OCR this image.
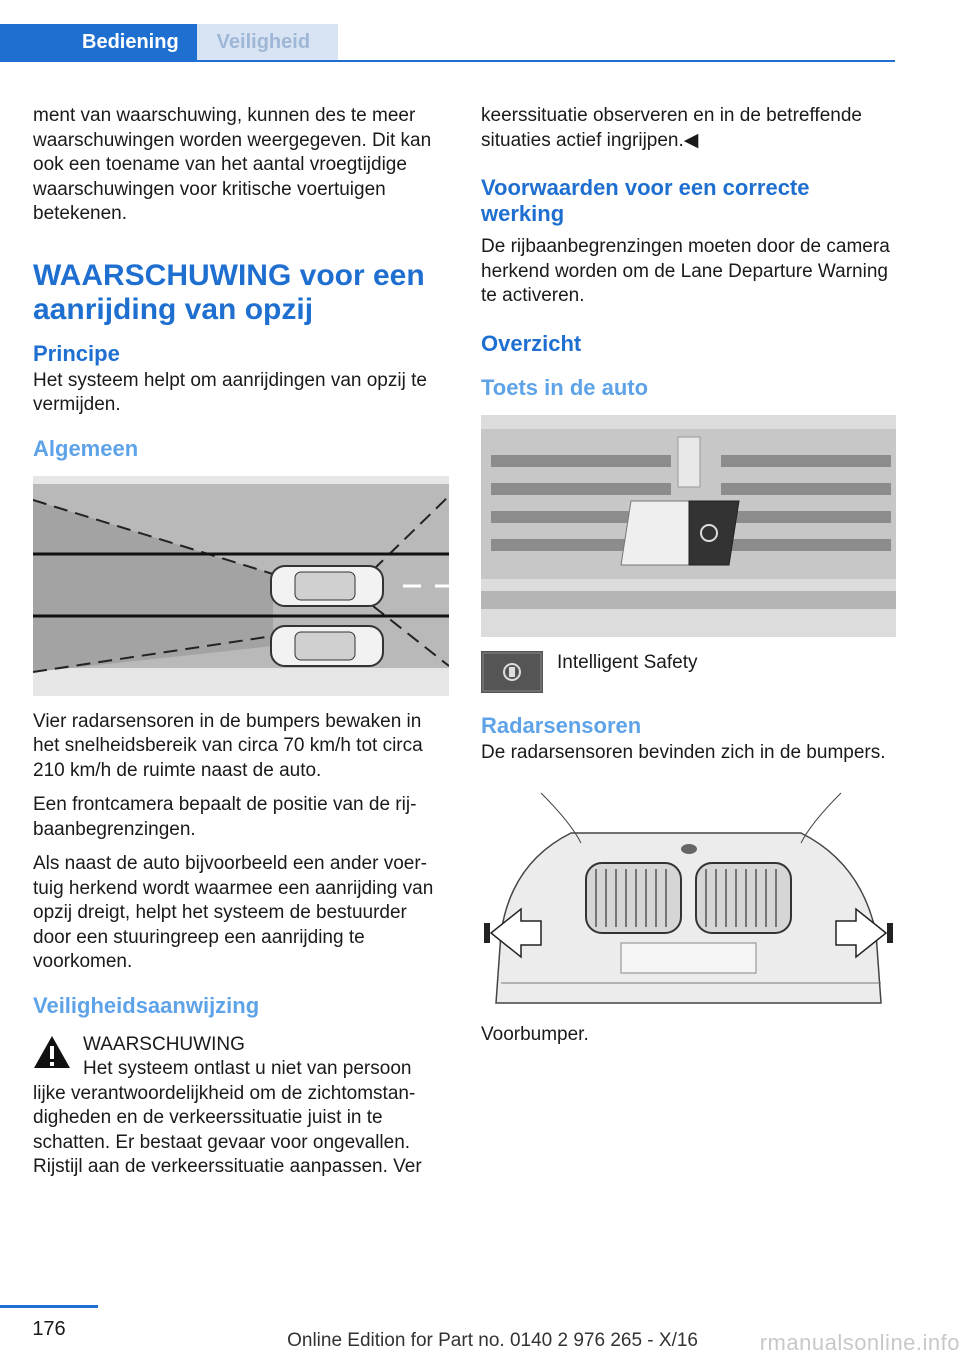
Bediening	Veiligheid

ment van waarschuwing, kunnen des te meer waarschuwingen worden weergegeven. Dit kan ook een toename van het aantal vroegtijdige waarschuwingen voor kritische voertuigen betekenen.

WAARSCHUWING voor een aanrijding van opzij
Principe

Het systeem helpt om aanrijdingen van opzij te vermijden.

Algemeen

Vier radarsensoren in de bumpers bewaken in het snelheidsbereik van circa 70 km/h tot circa 210 km/h de ruimte naast de auto.

Een frontcamera bepaalt de positie van de rijbaanbegrenzingen.

Als naast de auto bijvoorbeeld een ander voertuig herkend wordt waarmee een aanrijding van opzij dreigt, helpt het systeem de bestuurder door een stuuringreep een aanrijding te voorkomen.

Veiligheidsaanwijzing
WAARSCHUWING
Het systeem ontlast u niet van persoon
lijke verantwoordelijkheid om de zichtomstandigheden en de verkeerssituatie juist in te schatten. Er bestaat gevaar voor ongevallen. Rijstijl aan de verkeerssituatie aanpassen. Ver

keerssituatie observeren en in de betreffende situaties actief ingrijpen.◀

Voorwaarden voor een correcte werking

De rijbaanbegrenzingen moeten door de camera herkend worden om de Lane Departure Warning te activeren.

Overzicht
Toets in de auto
Intelligent Safety
Radarsensoren

De radarsensoren bevinden zich in de bumpers.

Voorbumper.

176
Online Edition for Part no. 0140 2 976 265 - X/16	rmanualsonline.info
